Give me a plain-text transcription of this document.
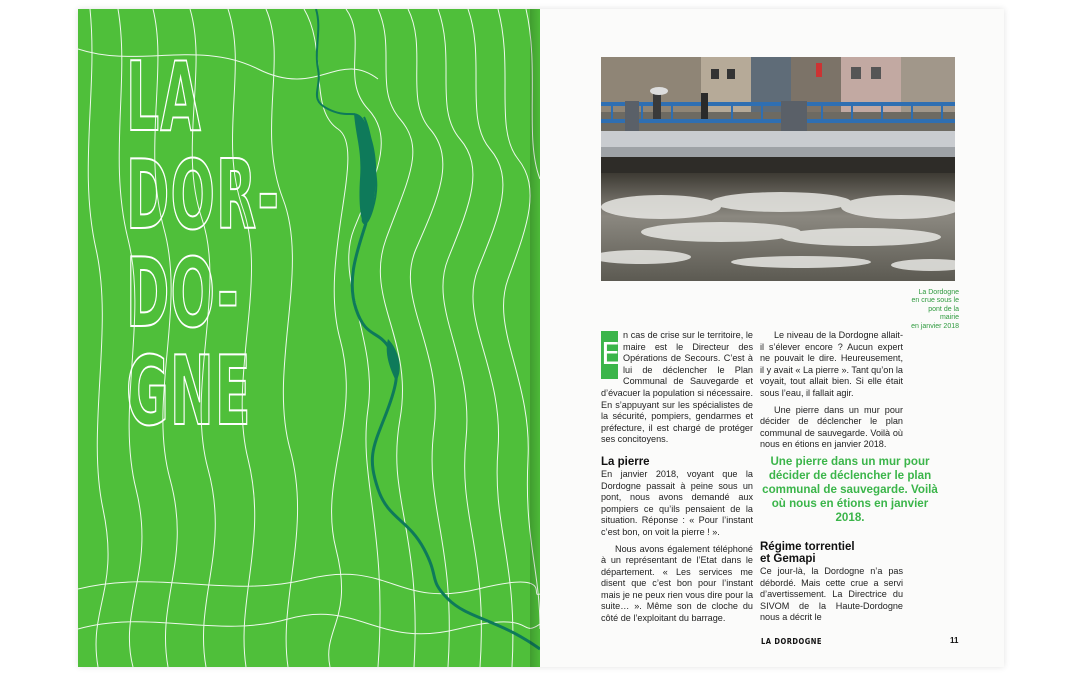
LA
DOR-
DO-
GNE
La Dordogne
en crue sous le
pont de la mairie
en janvier 2018

E
n cas de crise sur le territoire, le maire est le Directeur des Opérations de Secours. C’est à lui de déclencher le Plan Communal de Sauvegarde et d’évacuer la population si nécessaire. En s’appuyant sur les spécialistes de la sécurité, pompiers, gendarmes et préfecture, il est chargé de protéger ses concitoyens.

La pierre

En janvier 2018, voyant que la Dordogne passait à peine sous un pont, nous avons demandé aux pompiers ce qu’ils pensaient de la situation. Réponse : « Pour l’instant c’est bon, on voit la pierre ! ».

Nous avons également téléphoné à un représentant de l’Etat dans le département. « Les services me disent que c’est bon pour l’instant mais je ne peux rien vous dire pour la suite… ». Même son de cloche du côté de l’exploitant du barrage.

Le niveau de la Dordogne allait-il s’élever encore ? Aucun expert ne pouvait le dire. Heureusement, il y avait « La pierre ». Tant qu’on la voyait, tout allait bien. Si elle était sous l’eau, il fallait agir.

Une pierre dans un mur pour décider de déclencher le plan communal de sauvegarde. Voilà où nous en étions en janvier 2018.

Une pierre dans un mur pour décider de déclencher le plan communal de sauvegarde. Voilà où nous en étions en janvier 2018.
Régime torrentiel
et Gemapi

Ce jour-là, la Dordogne n’a pas débordé. Mais cette crue a servi d’avertissement. La Directrice du SIVOM de la Haute-Dordogne nous a décrit le

LA DORDOGNE	11
